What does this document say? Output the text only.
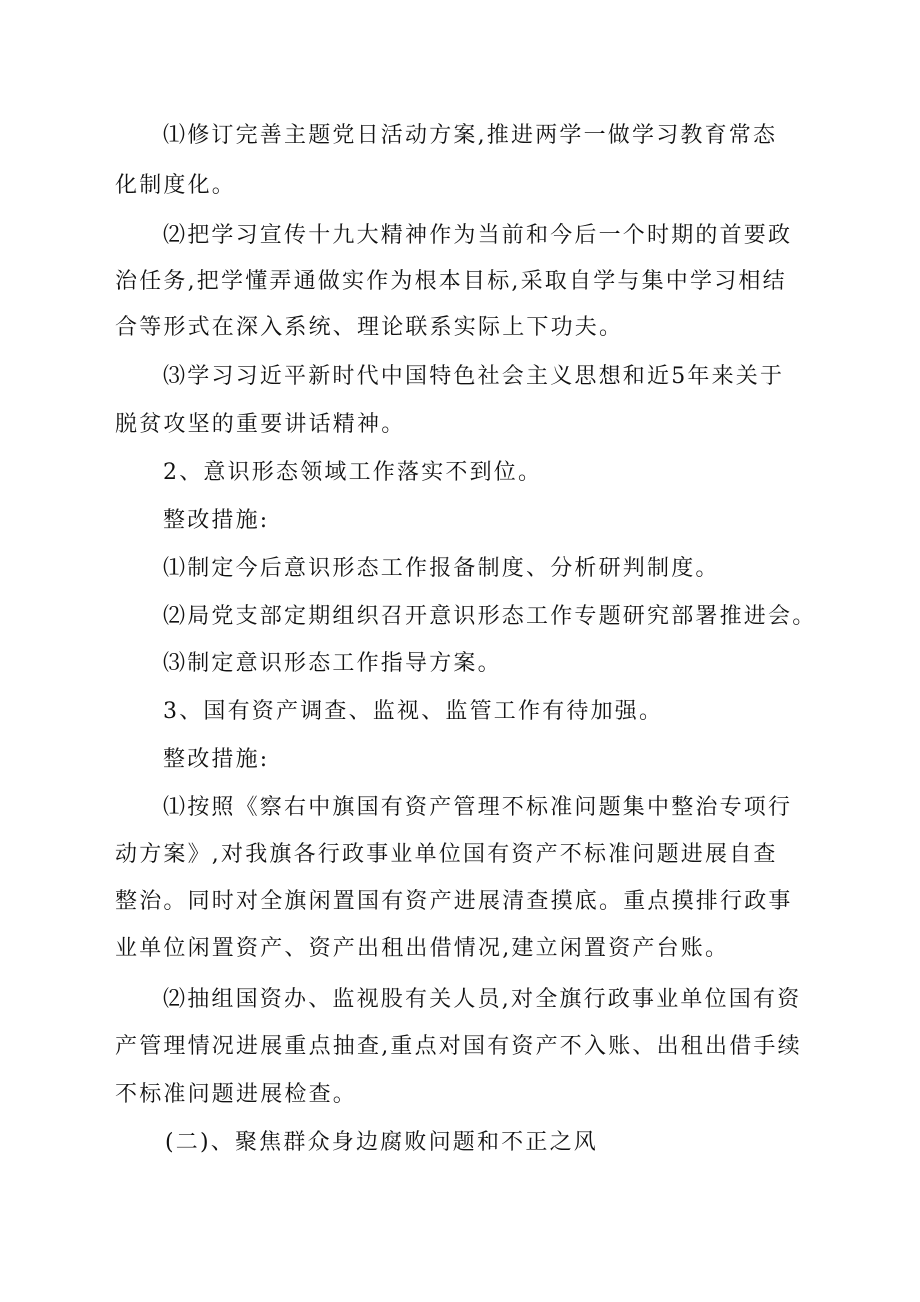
⑴修订完善主题党日活动方案,推进两学一做学习教育常态
化制度化。
⑵把学习宣传十九大精神作为当前和今后一个时期的首要政
治任务,把学懂弄通做实作为根本目标,采取自学与集中学习相结
合等形式在深入系统、理论联系实际上下功夫。
⑶学习习近平新时代中国特色社会主义思想和近5年来关于
脱贫攻坚的重要讲话精神。
2、意识形态领域工作落实不到位。
整改措施:
⑴制定今后意识形态工作报备制度、分析研判制度。
⑵局党支部定期组织召开意识形态工作专题研究部署推进会。
⑶制定意识形态工作指导方案。
3、国有资产调查、监视、监管工作有待加强。
整改措施:
⑴按照《察右中旗国有资产管理不标准问题集中整治专项行
动方案》,对我旗各行政事业单位国有资产不标准问题进展自查
整治。同时对全旗闲置国有资产进展清查摸底。重点摸排行政事
业单位闲置资产、资产出租出借情况,建立闲置资产台账。
⑵抽组国资办、监视股有关人员,对全旗行政事业单位国有资
产管理情况进展重点抽查,重点对国有资产不入账、出租出借手续
不标准问题进展检查。
(二)、聚焦群众身边腐败问题和不正之风
